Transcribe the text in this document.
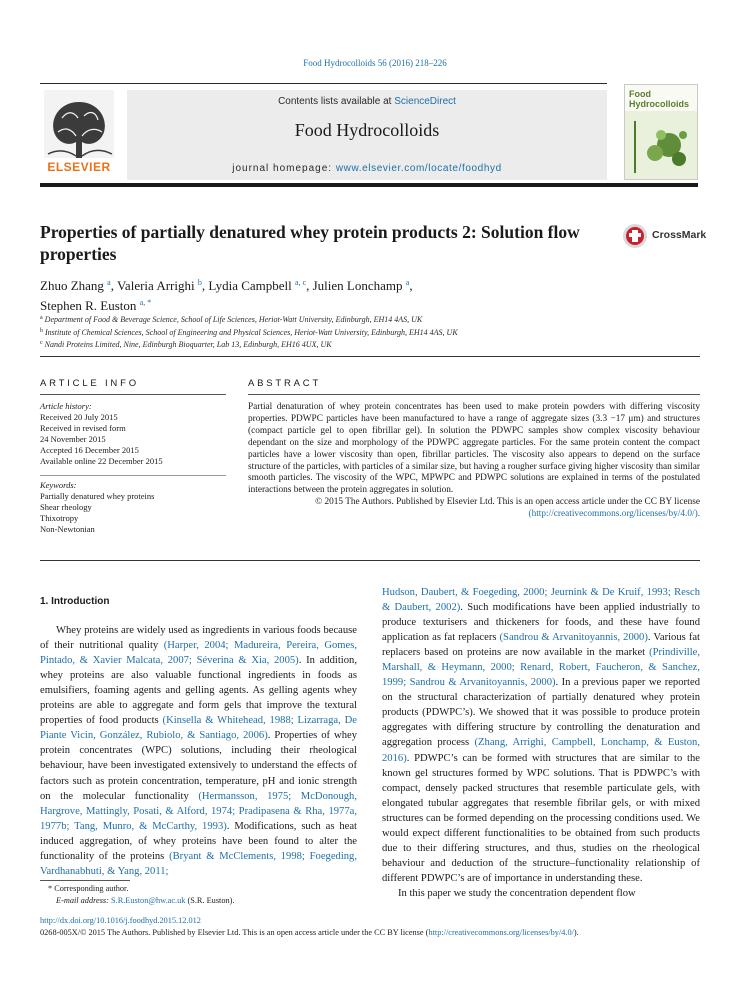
Food Hydrocolloids 56 (2016) 218–226
ELSEVIER
Contents lists available at ScienceDirect
Food Hydrocolloids
journal homepage: www.elsevier.com/locate/foodhyd
Food
Hydrocolloids
Properties of partially denatured whey protein products 2: Solution flow properties
CrossMark
Zhuo Zhang $^a$, Valeria Arrighi $^b$, Lydia Campbell $^{a, c}$, Julien Lonchamp $^a$,
Stephen R. Euston $^{a, *}$
$^a$ Department of Food & Beverage Science, School of Life Sciences, Heriot-Watt University, Edinburgh, EH14 4AS, UK
$^b$ Institute of Chemical Sciences, School of Engineering and Physical Sciences, Heriot-Watt University, Edinburgh, EH14 4AS, UK
$^c$ Nandi Proteins Limited, Nine, Edinburgh Bioquarter, Lab 13, Edinburgh, EH16 4UX, UK
ARTICLE INFO	ABSTRACT
Article history:
Received 20 July 2015
Received in revised form
24 November 2015
Accepted 16 December 2015
Available online 22 December 2015
Keywords:
Partially denatured whey proteins
Shear rheology
Thixotropy
Non-Newtonian

Partial denaturation of whey protein concentrates has been used to make protein powders with differing viscosity properties. PDWPC particles have been manufactured to have a range of aggregate sizes (3.3 −17 μm) and structures (compact particle gel to open fibrillar gel). In solution the PDWPC samples show complex viscosity behaviour dependant on the size and morphology of the PDWPC aggregate particles. For the same protein content the compact particles have a lower viscosity than open, fibrillar particles. The viscosity also appears to depend on the surface structure of the particles, with particles of a similar size, but having a rougher surface giving higher viscosity than similar smooth particles. The viscosity of the WPC, MPWPC and PDWPC solutions are explained in terms of the postulated interactions between the protein aggregates in solution.

© 2015 The Authors. Published by Elsevier Ltd. This is an open access article under the CC BY license (http://creativecommons.org/licenses/by/4.0/).

1. Introduction

Whey proteins are widely used as ingredients in various foods because of their nutritional quality (Harper, 2004; Madureira, Pereira, Gomes, Pintado, & Xavier Malcata, 2007; Séverina & Xia, 2005). In addition, whey proteins are also valuable functional ingredients in foods as emulsifiers, foaming agents and gelling agents. As gelling agents whey proteins are able to aggregate and form gels that improve the textural properties of food products (Kinsella & Whitehead, 1988; Lizarraga, De Piante Vicin, González, Rubiolo, & Santiago, 2006). Properties of whey protein concentrates (WPC) solutions, including their rheological behaviour, have been investigated extensively to understand the effects of factors such as protein concentration, temperature, pH and ionic strength on the molecular functionality (Hermansson, 1975; McDonough, Hargrove, Mattingly, Posati, & Alford, 1974; Pradipasena & Rha, 1977a, 1977b; Tang, Munro, & McCarthy, 1993). Modifications, such as heat induced aggregation, of whey proteins have been found to alter the functionality of the proteins (Bryant & McClements, 1998; Foegeding, Vardhanabhuti, & Yang, 2011;

Hudson, Daubert, & Foegeding, 2000; Jeurnink & De Kruif, 1993; Resch & Daubert, 2002). Such modifications have been applied industrially to produce texturisers and thickeners for foods, and these have found application as fat replacers (Sandrou & Arvanitoyannis, 2000). Various fat replacers based on proteins are now available in the market (Prindiville, Marshall, & Heymann, 2000; Renard, Robert, Faucheron, & Sanchez, 1999; Sandrou & Arvanitoyannis, 2000). In a previous paper we reported on the structural characterization of partially denatured whey protein products (PDWPC’s). We showed that it was possible to produce protein aggregates with differing structure by controlling the denaturation and aggregation process (Zhang, Arrighi, Campbell, Lonchamp, & Euston, 2016). PDWPC’s can be formed with structures that are similar to the known gel structures formed by WPC solutions. That is PDWPC’s with compact, densely packed structures that resemble particulate gels, with elongated tubular aggregates that resemble fibrilar gels, or with mixed structures can be formed depending on the processing conditions used. We would expect different functionalities to be obtained from such products due to their differing structures, and thus, studies on the rheological behaviour and deduction of the structure–functionality relationship of different PDWPC’s are of importance in understanding these.

In this paper we study the concentration dependent flow

* Corresponding author.
E-mail address: S.R.Euston@hw.ac.uk (S.R. Euston).
http://dx.doi.org/10.1016/j.foodhyd.2015.12.012
0268-005X/© 2015 The Authors. Published by Elsevier Ltd. This is an open access article under the CC BY license (http://creativecommons.org/licenses/by/4.0/).
